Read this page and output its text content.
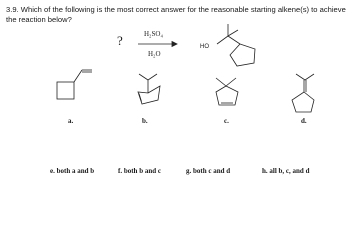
3.9. Which of the following is the most correct answer for the reasonable starting alkene(s) to achieve the reaction below?
?	H₂SO₄
H₂O
HO
a.	b.	c.	d.
e. both a and b	f. both b and c	g. both c and d	h. all b, c, and d
